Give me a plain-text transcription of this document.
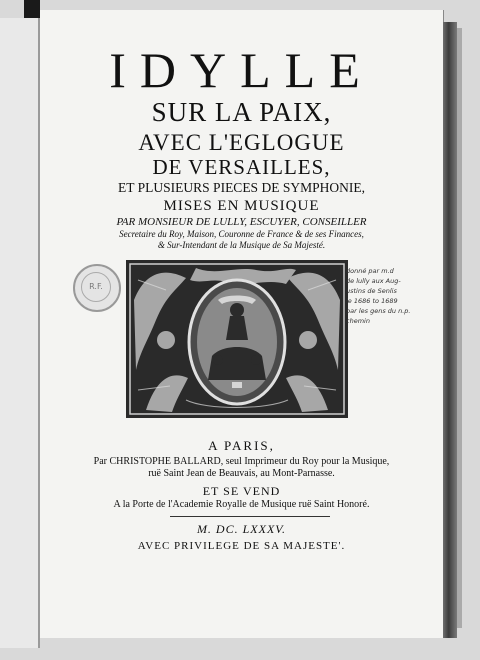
IDYLLE
SUR LA PAIX,
AVEC L'EGLOGUE
DE VERSAILLES,
ET PLUSIEURS PIECES DE SYMPHONIE,
MISES EN MUSIQUE
PAR MONSIEUR DE LULLY, ESCUYER, CONSEILLER
Secretaire du Roy, Maison, Couronne de France & de ses Finances,
& Sur-Intendant de la Musique de Sa Majesté.
R.F.
donné par m.d
de lully aux Aug-
ustins de Senlis
le 1686 to 1689
par les gens du n.p.
chemin
A PARIS,
Par CHRISTOPHE BALLARD, seul Imprimeur du Roy pour la Musique,
ruë Saint Jean de Beauvais, au Mont-Parnasse.
ET SE VEND
A la Porte de l'Academie Royalle de Musique ruë Saint Honoré.
M. DC. LXXXV.
AVEC PRIVILEGE DE SA MAJESTE'.
